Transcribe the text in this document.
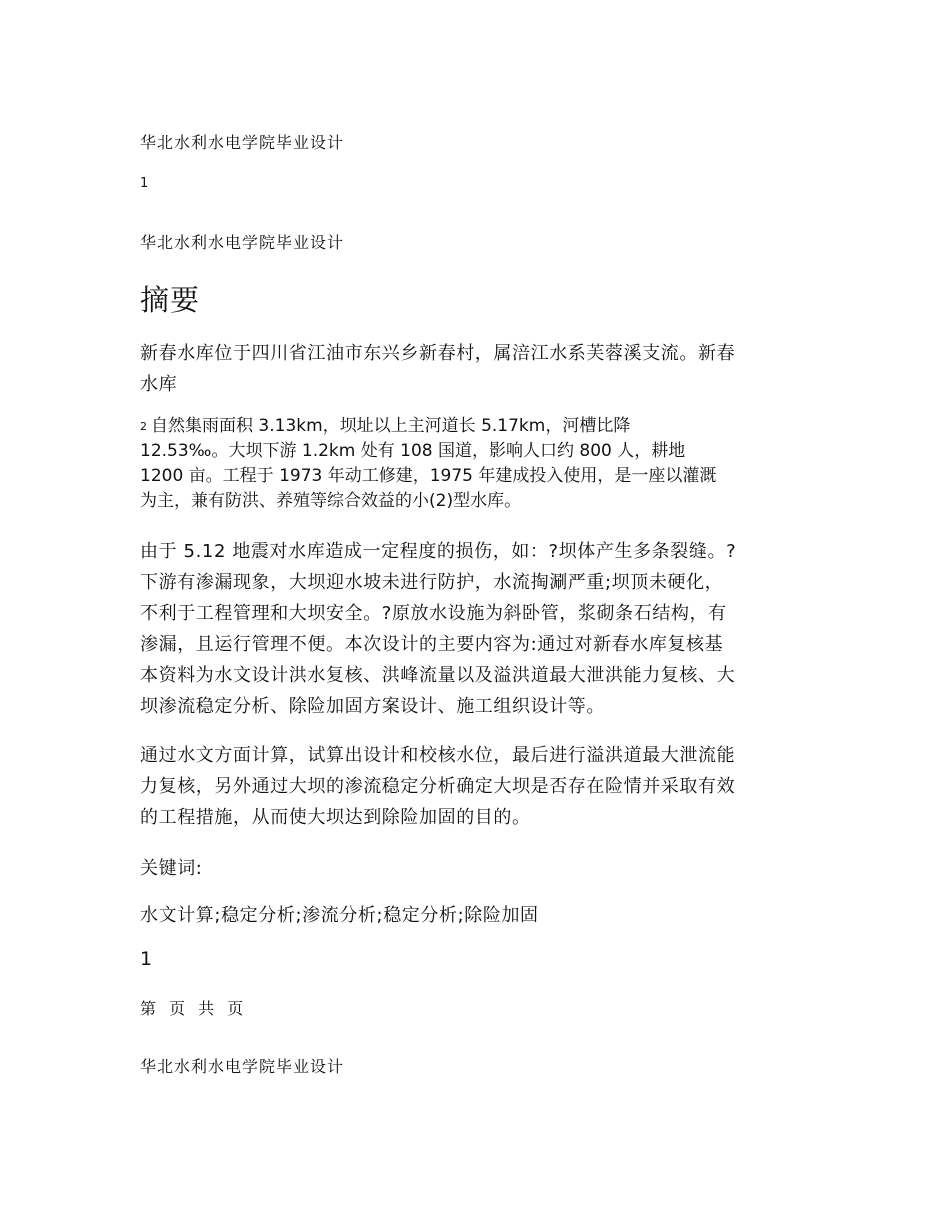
华北水利水电学院毕业设计

1

华北水利水电学院毕业设计

摘要
新春水库位于四川省江油市东兴乡新春村，属涪江水系芙蓉溪支流。新春
水库
2 自然集雨面积 3.13km，坝址以上主河道长 5.17km，河槽比降
12.53‰。大坝下游 1.2km 处有 108 国道，影响人口约 800 人，耕地
1200 亩。工程于 1973 年动工修建，1975 年建成投入使用，是一座以灌溉
为主，兼有防洪、养殖等综合效益的小(2)型水库。
由于 5.12 地震对水库造成一定程度的损伤，如：?坝体产生多条裂缝。?
下游有渗漏现象，大坝迎水坡未进行防护，水流掏涮严重;坝顶未硬化，
不利于工程管理和大坝安全。?原放水设施为斜卧管，浆砌条石结构，有
渗漏，且运行管理不便。本次设计的主要内容为:通过对新春水库复核基
本资料为水文设计洪水复核、洪峰流量以及溢洪道最大泄洪能力复核、大
坝渗流稳定分析、除险加固方案设计、施工组织设计等。
通过水文方面计算，试算出设计和校核水位，最后进行溢洪道最大泄流能
力复核，另外通过大坝的渗流稳定分析确定大坝是否存在险情并采取有效
的工程措施，从而使大坝达到除险加固的目的。

关键词:

水文计算;稳定分析;渗流分析;稳定分析;除险加固

1

第 页 共 页

华北水利水电学院毕业设计
